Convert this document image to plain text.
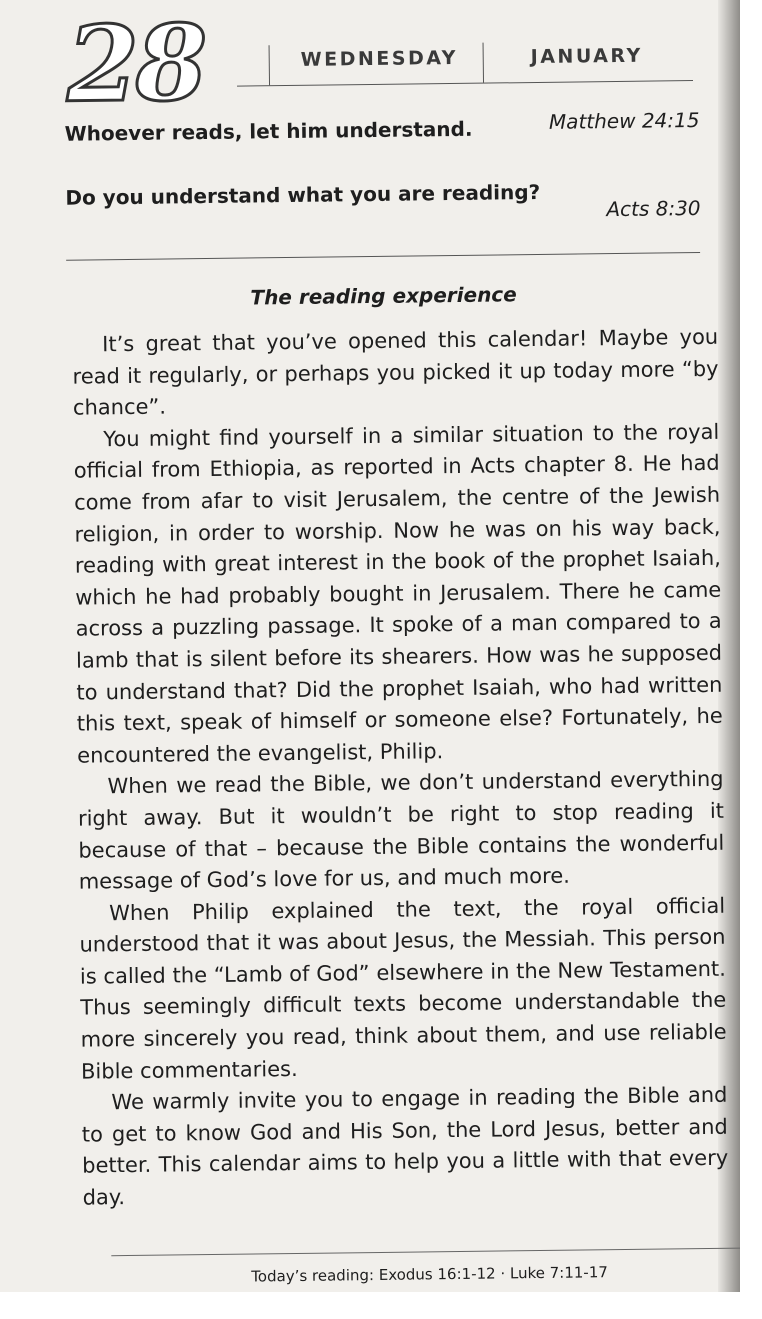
28	WEDNESDAY	JANUARY

Whoever reads, let him understand.	Matthew 24:15

Do you understand what you are reading?	Acts 8:30

The reading experience

It’s great that you’ve opened this calendar! Maybe you read it regularly, or perhaps you picked it up today more “by chance”.

You might find yourself in a similar situation to the royal official from Ethiopia, as reported in Acts chapter 8. He had come from afar to visit Jerusalem, the centre of the Jewish religion, in order to worship. Now he was on his way back, reading with great interest in the book of the prophet Isaiah, which he had probably bought in Jerusalem. There he came across a puzzling passage. It spoke of a man compared to a lamb that is silent before its shearers. How was he supposed to understand that? Did the prophet Isaiah, who had written this text, speak of himself or someone else? Fortunately, he encountered the evangelist, Philip.

When we read the Bible, we don’t understand everything right away. But it wouldn’t be right to stop reading it because of that – because the Bible contains the wonderful message of God’s love for us, and much more.

When Philip explained the text, the royal official understood that it was about Jesus, the Messiah. This person is called the “Lamb of God” elsewhere in the New Testament. Thus seemingly difficult texts become understandable the more sincerely you read, think about them, and use reliable Bible commentaries.

We warmly invite you to engage in reading the Bible and to get to know God and His Son, the Lord Jesus, better and better. This calendar aims to help you a little with that every day.

Today’s reading: Exodus 16:1-12 · Luke 7:11-17
